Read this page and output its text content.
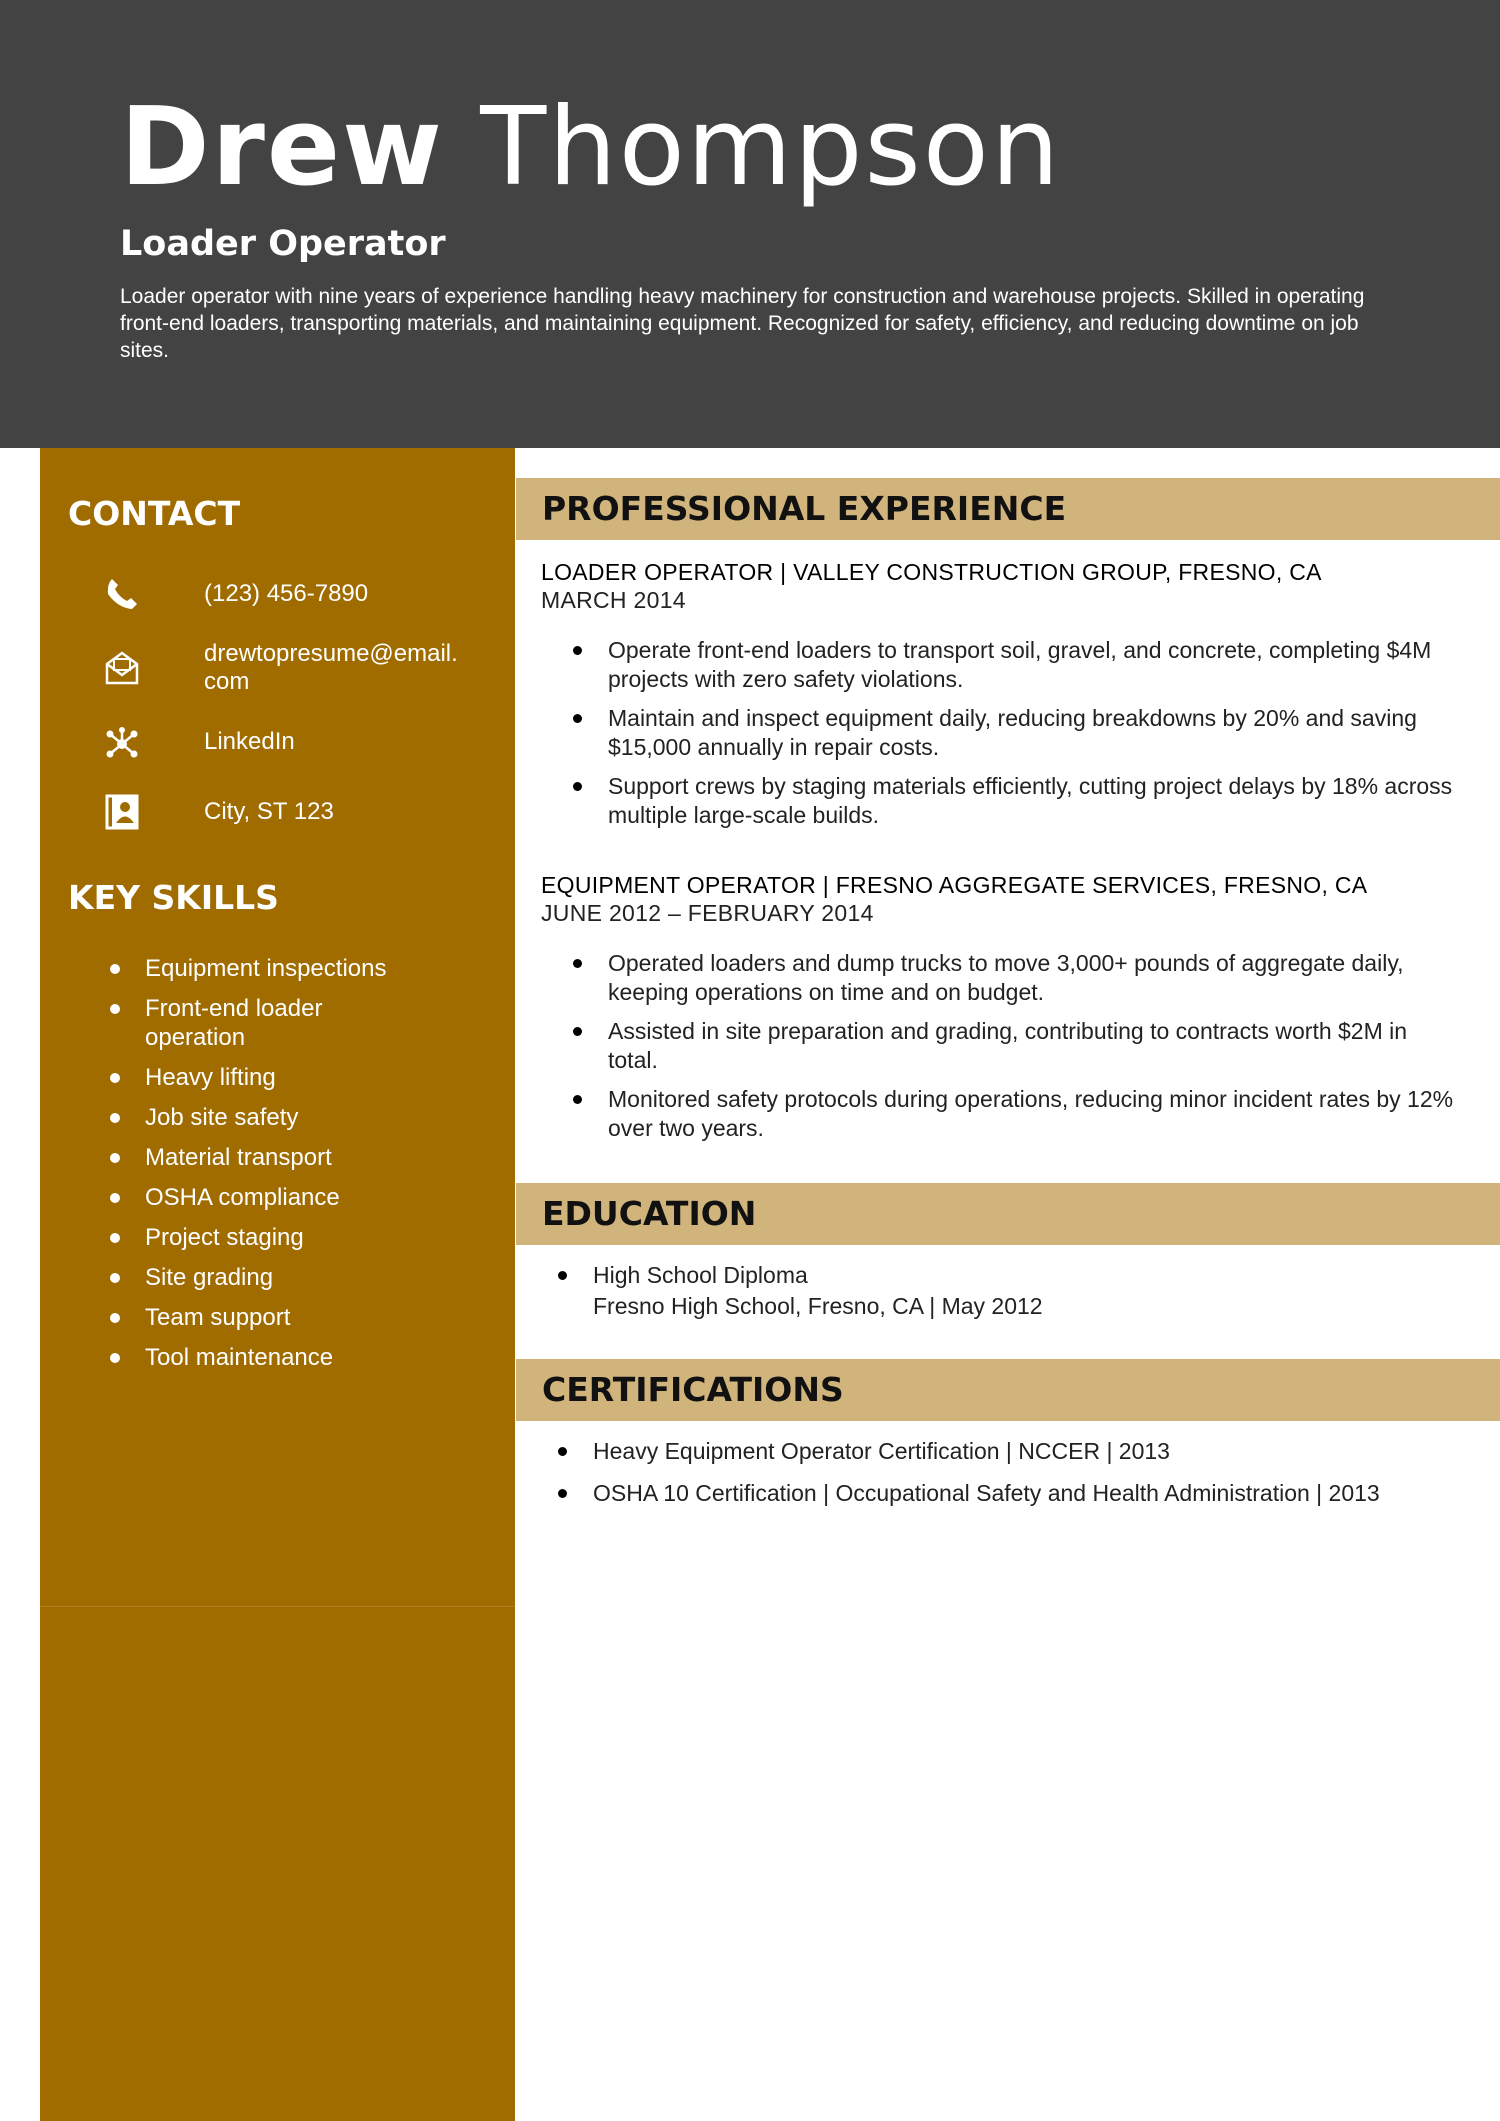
Drew Thompson
Loader Operator

Loader operator with nine years of experience handling heavy machinery for construction and warehouse projects. Skilled in operating front-end loaders, transporting materials, and maintaining equipment. Recognized for safety, efficiency, and reducing downtime on job sites.

CONTACT
(123) 456-7890
drewtopresume@email.
com
LinkedIn
City, ST 123
KEY SKILLS
Equipment inspections
Front-end loader operation
Heavy lifting
Job site safety
Material transport
OSHA compliance
Project staging
Site grading
Team support
Tool maintenance
PROFESSIONAL EXPERIENCE
LOADER OPERATOR | VALLEY CONSTRUCTION GROUP, FRESNO, CA
MARCH 2014
Operate front-end loaders to transport soil, gravel, and concrete, completing $4M projects with zero safety violations.
Maintain and inspect equipment daily, reducing breakdowns by 20% and saving $15,000 annually in repair costs.
Support crews by staging materials efficiently, cutting project delays by 18% across multiple large-scale builds.
EQUIPMENT OPERATOR | FRESNO AGGREGATE SERVICES, FRESNO, CA
JUNE 2012 – FEBRUARY 2014
Operated loaders and dump trucks to move 3,000+ pounds of aggregate daily, keeping operations on time and on budget.
Assisted in site preparation and grading, contributing to contracts worth $2M in total.
Monitored safety protocols during operations, reducing minor incident rates by 12% over two years.
EDUCATION
High School Diploma
Fresno High School, Fresno, CA | May 2012
CERTIFICATIONS
Heavy Equipment Operator Certification | NCCER | 2013
OSHA 10 Certification | Occupational Safety and Health Administration | 2013
